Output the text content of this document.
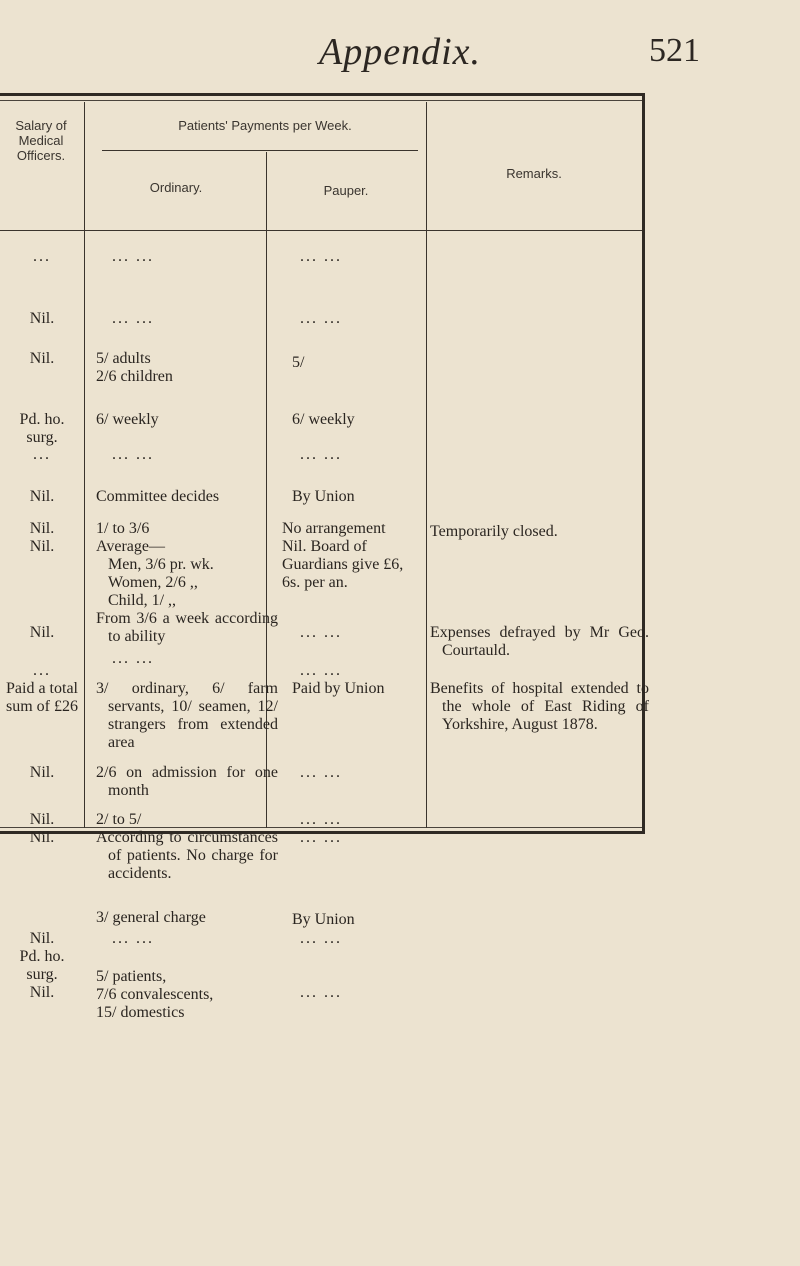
Appendix.	521
Salary of Medical Officers.
Patients' Payments per Week.
Ordinary.	Pauper.
Remarks.
...
Nil.
Nil.
Pd. ho. surg.
...
Nil.
Nil.
Nil.
Nil.
...
Paid a total sum of £26
Nil.
Nil.
Nil.
Nil.
Pd. ho. surg.
Nil.
... ...
... ...
5/ adults
2/6 children
6/ weekly
... ...
Committee decides
1/ to 3/6
Average—
Men, 3/6 pr. wk.
Women, 2/6 ,,
Child, 1/ ,,
From 3/6 a week according to ability
... ...
3/ ordinary, 6/ farm servants, 10/ seamen, 12/ strangers from extended area
2/6 on admission for one month
2/ to 5/
According to circumstances of patients. No charge for accidents.
3/ general charge
... ...
5/ patients,
7/6 convalescents,
15/ domestics
... ...
... ...
5/
6/ weekly
... ...
By Union
No arrangement
Nil. Board of Guardians give £6, 6s. per an.
... ...
... ...
Paid by Union
... ...
... ...
... ...
By Union
... ...
... ...
Temporarily closed.
Expenses defrayed by Mr Geo. Courtauld.
Benefits of hospital extended to the whole of East Riding of Yorkshire, August 1878.
